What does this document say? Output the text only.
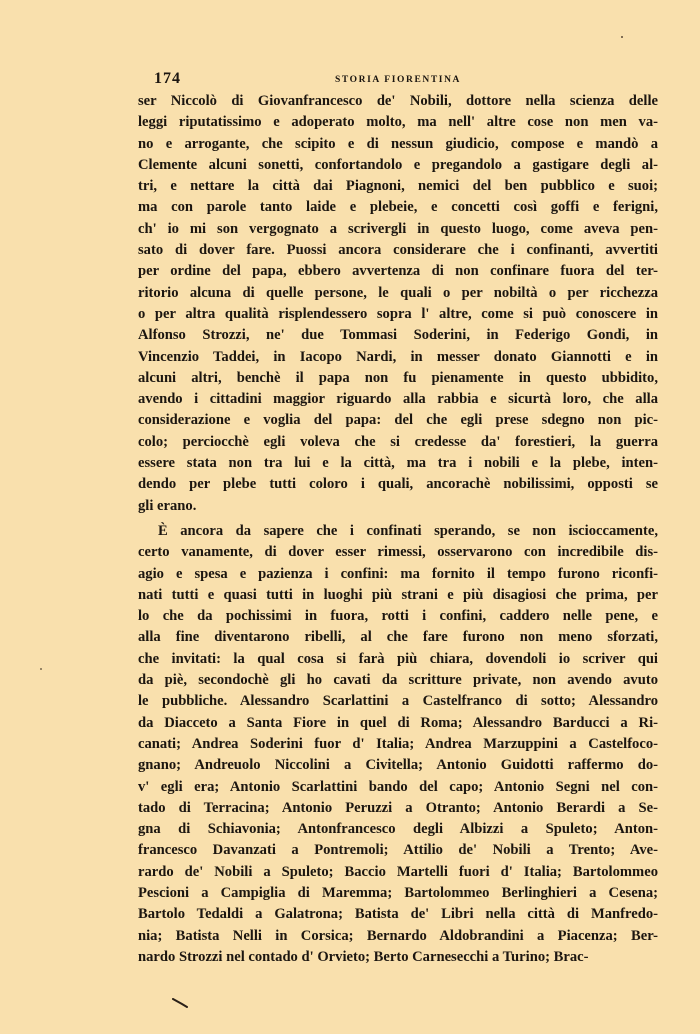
174	STORIA FIORENTINA
ser Niccolò di Giovanfrancesco de' Nobili, dottore nella scienza delle
leggi riputatissimo e adoperato molto, ma nell' altre cose non men va-
no e arrogante, che scipito e di nessun giudicio, compose e mandò a
Clemente alcuni sonetti, confortandolo e pregandolo a gastigare degli al-
tri, e nettare la città dai Piagnoni, nemici del ben pubblico e suoi;
ma con parole tanto laide e plebeie, e concetti così goffi e ferigni,
ch' io mi son vergognato a scrivergli in questo luogo, come aveva pen-
sato di dover fare. Puossi ancora considerare che i confinanti, avvertiti
per ordine del papa, ebbero avvertenza di non confinare fuora del ter-
ritorio alcuna di quelle persone, le quali o per nobiltà o per ricchezza
o per altra qualità risplendessero sopra l' altre, come si può conoscere in
Alfonso Strozzi, ne' due Tommasi Soderini, in Federigo Gondi, in
Vincenzio Taddei, in Iacopo Nardi, in messer donato Giannotti e in
alcuni altri, benchè il papa non fu pienamente in questo ubbidito,
avendo i cittadini maggior riguardo alla rabbia e sicurtà loro, che alla
considerazione e voglia del papa: del che egli prese sdegno non pic-
colo; perciocchè egli voleva che si credesse da' forestieri, la guerra
essere stata non tra lui e la città, ma tra i nobili e la plebe, inten-
dendo per plebe tutti coloro i quali, ancorachè nobilissimi, opposti se
gli erano.
È ancora da sapere che i confinati sperando, se non iscioccamente,
certo vanamente, di dover esser rimessi, osservarono con incredibile dis-
agio e spesa e pazienza i confini: ma fornito il tempo furono riconfi-
nati tutti e quasi tutti in luoghi più strani e più disagiosi che prima, per
lo che da pochissimi in fuora, rotti i confini, caddero nelle pene, e
alla fine diventarono ribelli, al che fare furono non meno sforzati,
che invitati: la qual cosa si farà più chiara, dovendoli io scriver qui
da piè, secondochè gli ho cavati da scritture private, non avendo avuto
le pubbliche. Alessandro Scarlattini a Castelfranco di sotto; Alessandro
da Diacceto a Santa Fiore in quel di Roma; Alessandro Barducci a Ri-
canati; Andrea Soderini fuor d' Italia; Andrea Marzuppini a Castelfoco-
gnano; Andreuolo Niccolini a Civitella; Antonio Guidotti raffermo do-
v' egli era; Antonio Scarlattini bando del capo; Antonio Segni nel con-
tado di Terracina; Antonio Peruzzi a Otranto; Antonio Berardi a Se-
gna di Schiavonia; Antonfrancesco degli Albizzi a Spuleto; Anton-
francesco Davanzati a Pontremoli; Attilio de' Nobili a Trento; Ave-
rardo de' Nobili a Spuleto; Baccio Martelli fuori d' Italia; Bartolommeo
Pescioni a Campiglia di Maremma; Bartolommeo Berlinghieri a Cesena;
Bartolo Tedaldi a Galatrona; Batista de' Libri nella città di Manfredo-
nia; Batista Nelli in Corsica; Bernardo Aldobrandini a Piacenza; Ber-
nardo Strozzi nel contado d' Orvieto; Berto Carnesecchi a Turino; Brac-
